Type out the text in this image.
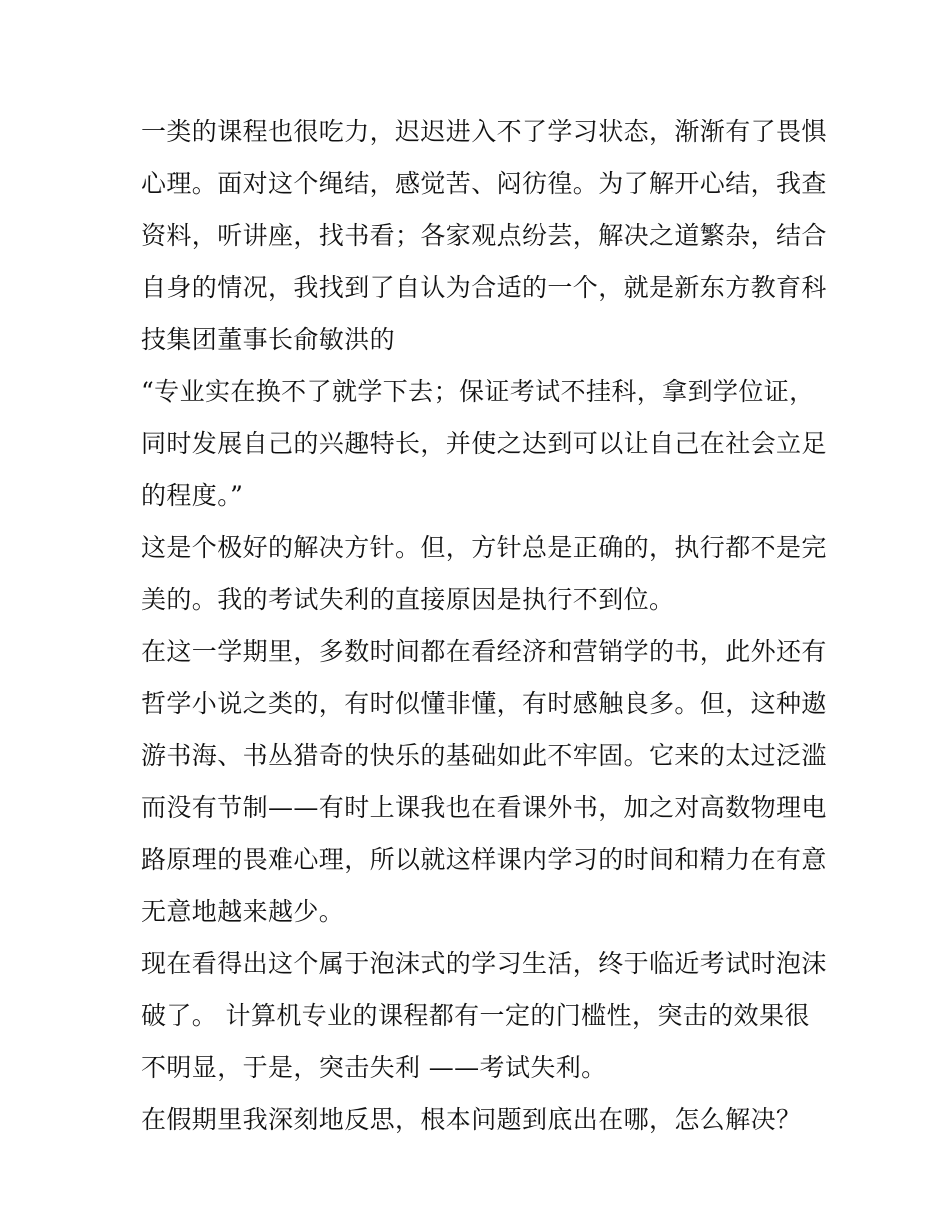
一类的课程也很吃力，迟迟进入不了学习状态，渐渐有了畏惧
心理。面对这个绳结，感觉苦、闷彷徨。为了解开心结，我查
资料，听讲座，找书看；各家观点纷芸，解决之道繁杂，结合
自身的情况，我找到了自认为合适的一个，就是新东方教育科
技集团董事长俞敏洪的
“专业实在换不了就学下去；保证考试不挂科，拿到学位证，
同时发展自己的兴趣特长，并使之达到可以让自己在社会立足
的程度。”
这是个极好的解决方针。但，方针总是正确的，执行都不是完
美的。我的考试失利的直接原因是执行不到位。
在这一学期里，多数时间都在看经济和营销学的书，此外还有
哲学小说之类的，有时似懂非懂，有时感触良多。但，这种遨
游书海、书丛猎奇的快乐的基础如此不牢固。它来的太过泛滥
而没有节制——有时上课我也在看课外书，加之对高数物理电
路原理的畏难心理，所以就这样课内学习的时间和精力在有意
无意地越来越少。
现在看得出这个属于泡沫式的学习生活，终于临近考试时泡沫
破了。 计算机专业的课程都有一定的门槛性，突击的效果很
不明显，于是，突击失利 ——考试失利。
在假期里我深刻地反思，根本问题到底出在哪，怎么解决？
